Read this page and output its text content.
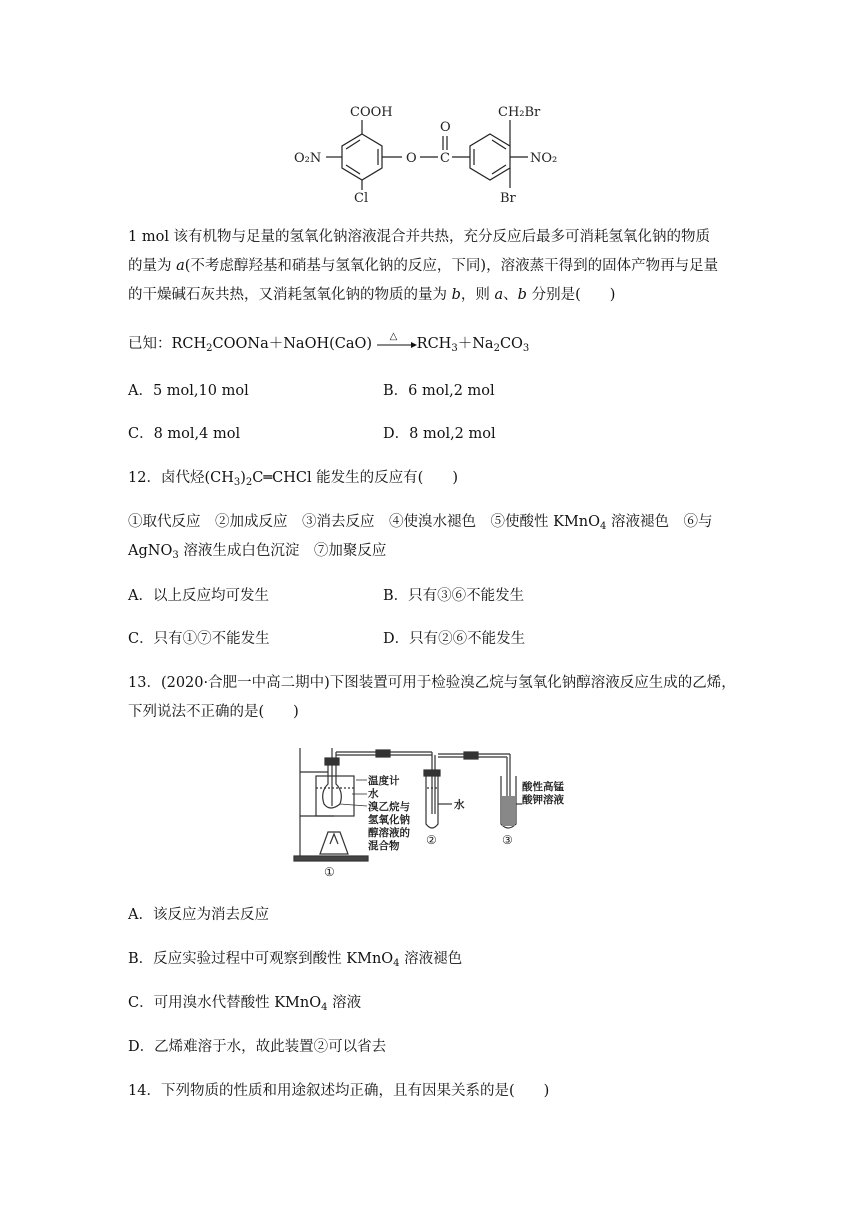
COOH
O₂N
Cl
O
O
C
CH₂Br
NO₂
Br
1 mol 该有机物与足量的氢氧化钠溶液混合并共热，充分反应后最多可消耗氢氧化钠的物质
的量为 a(不考虑醇羟基和硝基与氢氧化钠的反应，下同)，溶液蒸干得到的固体产物再与足量
的干燥碱石灰共热，又消耗氢氧化钠的物质的量为 b，则 a、b 分别是(　　)
已知：$RCH_2COONa+NaOH(CaO)$ △ $RCH_3+Na_2CO_3$
A．5 mol,10 mol	B．6 mol,2 mol
C．8 mol,4 mol	D．8 mol,2 mol
12．卤代烃$(CH_3)_2C═CHCl$ 能发生的反应有(　　)
①取代反应　②加成反应　③消去反应　④使溴水褪色　⑤使酸性 KMnO$_4$ 溶液褪色　⑥与
AgNO$_3$ 溶液生成白色沉淀　⑦加聚反应
A．以上反应均可发生	B．只有③⑥不能发生
C．只有①⑦不能发生	D．只有②⑥不能发生
13．(2020·合肥一中高二期中)下图装置可用于检验溴乙烷与氢氧化钠醇溶液反应生成的乙烯，
下列说法不正确的是(　　)
温度计
水
溴乙烷与
氢氧化钠
醇溶液的
混合物
水
酸性高锰
酸钾溶液
①
②	③
A．该反应为消去反应
B．反应实验过程中可观察到酸性 KMnO$_4$ 溶液褪色
C．可用溴水代替酸性 KMnO$_4$ 溶液
D．乙烯难溶于水，故此装置②可以省去
14．下列物质的性质和用途叙述均正确，且有因果关系的是(　　)
